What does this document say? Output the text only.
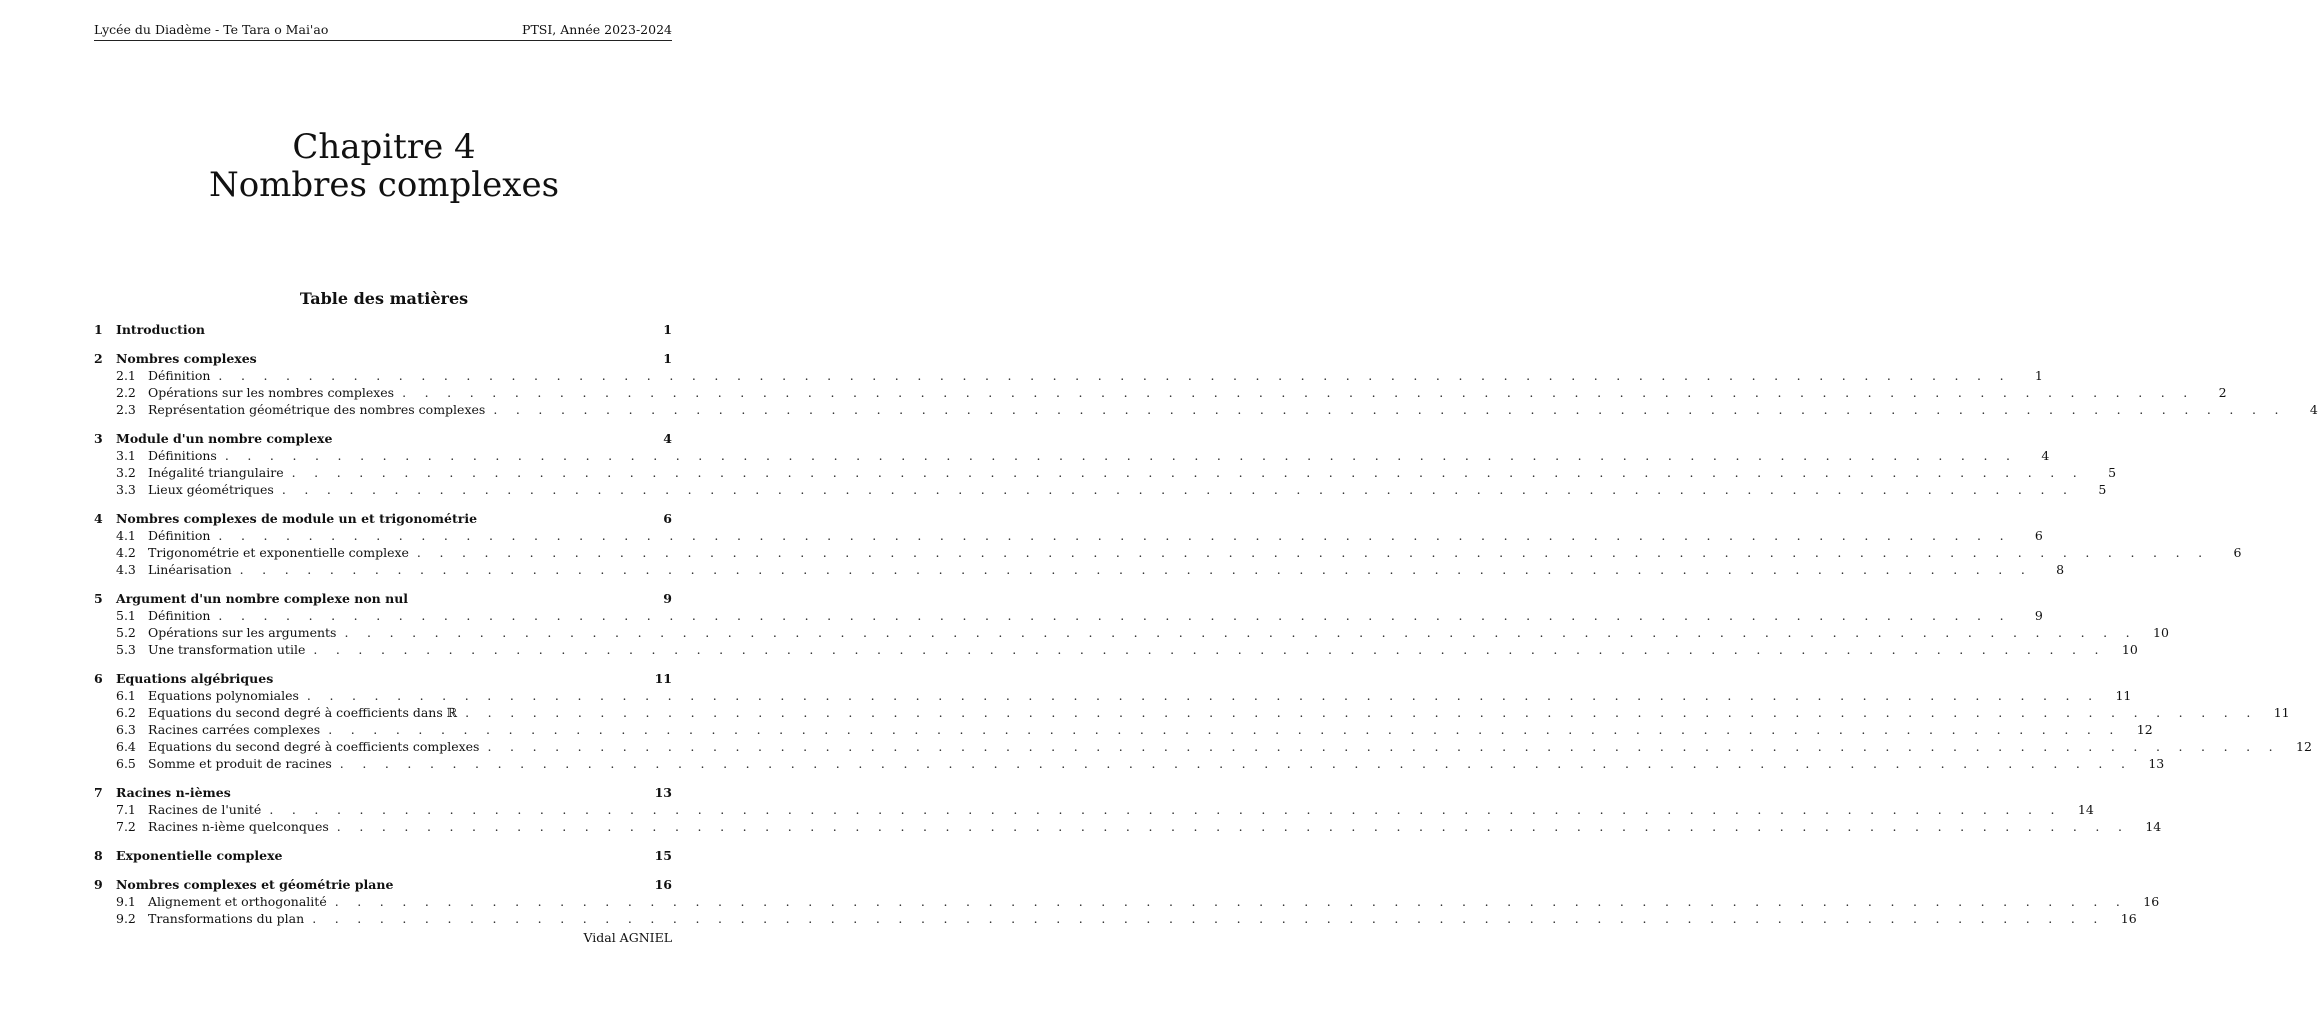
Lycée du Diadème - Te Tara o Mai'ao	PTSI, Année 2023-2024
Chapitre 4
Nombres complexes
Table des matières
1	Introduction	1
2	Nombres complexes	1
2.1 Définition . . . . . . . . . . . . . . . . . . . . . . . . . . . . . . . . . . . . . . . . . . . . . . . . . . . . . . . . . . . . . . . . . . . . . . . . . . . . . . . .	1
2.2 Opérations sur les nombres complexes . . . . . . . . . . . . . . . . . . . . . . . . . . . . . . . . . . . . . . . . . . . . . . . . . . . . . . . . . . . . . . . . . . . . . . . . . . . . . . . .	2
2.3 Représentation géométrique des nombres complexes . . . . . . . . . . . . . . . . . . . . . . . . . . . . . . . . . . . . . . . . . . . . . . . . . . . . . . . . . . . . . . . . . . . . . . . . . . . . . . . .	4
3	Module d'un nombre complexe	4
3.1 Définitions . . . . . . . . . . . . . . . . . . . . . . . . . . . . . . . . . . . . . . . . . . . . . . . . . . . . . . . . . . . . . . . . . . . . . . . . . . . . . . . .	4
3.2 Inégalité triangulaire . . . . . . . . . . . . . . . . . . . . . . . . . . . . . . . . . . . . . . . . . . . . . . . . . . . . . . . . . . . . . . . . . . . . . . . . . . . . . . . .	5
3.3 Lieux géométriques . . . . . . . . . . . . . . . . . . . . . . . . . . . . . . . . . . . . . . . . . . . . . . . . . . . . . . . . . . . . . . . . . . . . . . . . . . . . . . . .	5
4	Nombres complexes de module un et trigonométrie	6
4.1 Définition . . . . . . . . . . . . . . . . . . . . . . . . . . . . . . . . . . . . . . . . . . . . . . . . . . . . . . . . . . . . . . . . . . . . . . . . . . . . . . . .	6
4.2 Trigonométrie et exponentielle complexe . . . . . . . . . . . . . . . . . . . . . . . . . . . . . . . . . . . . . . . . . . . . . . . . . . . . . . . . . . . . . . . . . . . . . . . . . . . . . . . .	6
4.3 Linéarisation . . . . . . . . . . . . . . . . . . . . . . . . . . . . . . . . . . . . . . . . . . . . . . . . . . . . . . . . . . . . . . . . . . . . . . . . . . . . . . . .	8
5	Argument d'un nombre complexe non nul	9
5.1 Définition . . . . . . . . . . . . . . . . . . . . . . . . . . . . . . . . . . . . . . . . . . . . . . . . . . . . . . . . . . . . . . . . . . . . . . . . . . . . . . . .	9
5.2 Opérations sur les arguments . . . . . . . . . . . . . . . . . . . . . . . . . . . . . . . . . . . . . . . . . . . . . . . . . . . . . . . . . . . . . . . . . . . . . . . . . . . . . . . .	10
5.3 Une transformation utile . . . . . . . . . . . . . . . . . . . . . . . . . . . . . . . . . . . . . . . . . . . . . . . . . . . . . . . . . . . . . . . . . . . . . . . . . . . . . . . .	10
6	Equations algébriques	11
6.1 Equations polynomiales . . . . . . . . . . . . . . . . . . . . . . . . . . . . . . . . . . . . . . . . . . . . . . . . . . . . . . . . . . . . . . . . . . . . . . . . . . . . . . . .	11
6.2 Equations du second degré à coefficients dans ℝ . . . . . . . . . . . . . . . . . . . . . . . . . . . . . . . . . . . . . . . . . . . . . . . . . . . . . . . . . . . . . . . . . . . . . . . . . . . . . . . .	11
6.3 Racines carrées complexes . . . . . . . . . . . . . . . . . . . . . . . . . . . . . . . . . . . . . . . . . . . . . . . . . . . . . . . . . . . . . . . . . . . . . . . . . . . . . . . .	12
6.4 Equations du second degré à coefficients complexes . . . . . . . . . . . . . . . . . . . . . . . . . . . . . . . . . . . . . . . . . . . . . . . . . . . . . . . . . . . . . . . . . . . . . . . . . . . . . . . .	12
6.5 Somme et produit de racines . . . . . . . . . . . . . . . . . . . . . . . . . . . . . . . . . . . . . . . . . . . . . . . . . . . . . . . . . . . . . . . . . . . . . . . . . . . . . . . .	13
7	Racines n-ièmes	13
7.1 Racines de l'unité . . . . . . . . . . . . . . . . . . . . . . . . . . . . . . . . . . . . . . . . . . . . . . . . . . . . . . . . . . . . . . . . . . . . . . . . . . . . . . . .	14
7.2 Racines n-ième quelconques . . . . . . . . . . . . . . . . . . . . . . . . . . . . . . . . . . . . . . . . . . . . . . . . . . . . . . . . . . . . . . . . . . . . . . . . . . . . . . . .	14
8	Exponentielle complexe	15
9	Nombres complexes et géométrie plane	16
9.1 Alignement et orthogonalité . . . . . . . . . . . . . . . . . . . . . . . . . . . . . . . . . . . . . . . . . . . . . . . . . . . . . . . . . . . . . . . . . . . . . . . . . . . . . . . .	16
9.2 Transformations du plan . . . . . . . . . . . . . . . . . . . . . . . . . . . . . . . . . . . . . . . . . . . . . . . . . . . . . . . . . . . . . . . . . . . . . . . . . . . . . . . .	16
Vidal AGNIEL
